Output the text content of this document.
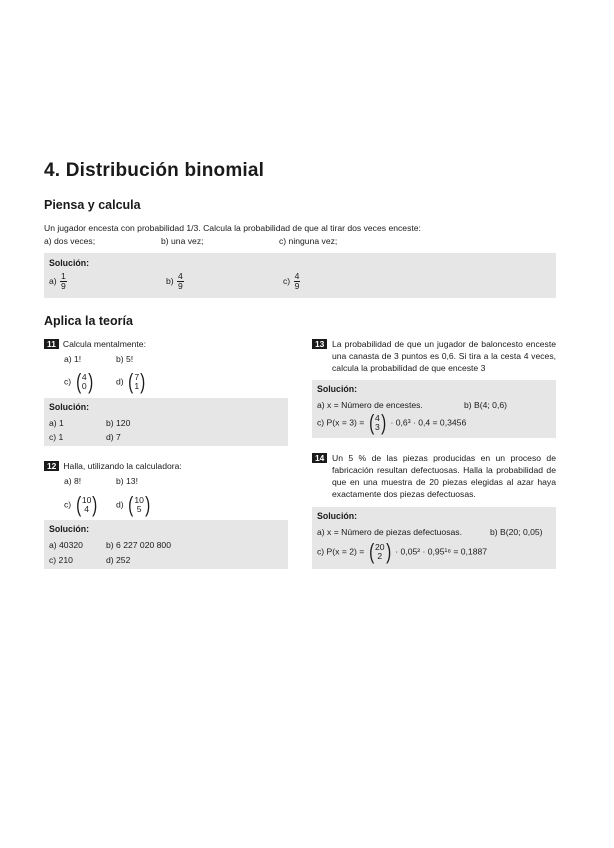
4. Distribución binomial
Piensa y calcula
Un jugador encesta con probabilidad 1/3. Calcula la probabilidad de que al tirar dos veces enceste:
a) dos veces;	b) una vez;	c) ninguna vez;
Solución:
$a) \frac{1}{9}$	$b) \frac{4}{9}$	$c) \frac{4}{9}$
Aplica la teoría
11 Calcula mentalmente:
a) 1!	b) 5!
c) ( 4
0 )	d) ( 7
1 )
Solución:
a) 1	b) 120
c) 1	d) 7
12 Halla, utilizando la calculadora:
a) 8!	b) 13!
c) ( 10
4 ) d) ( 10
5 )
Solución:
a) 40320	b) 6 227 020 800
c) 210	d) 252
13 La probabilidad de que un jugador de baloncesto enceste una canasta de 3 puntos es 0,6. Si tira a la cesta 4 veces, calcula la probabilidad de que enceste 3
Solución:
a) x = Número de encestes.	b) B(4; 0,6)
c) P(x = 3) = ( 4
3 ) · 0,6³ · 0,4 = 0,3456
14 Un 5 % de las piezas producidas en un proceso de fabricación resultan defectuosas. Halla la probabilidad de que en una muestra de 20 piezas elegidas al azar haya exactamente dos piezas defectuosas.
Solución:
a) x = Número de piezas defectuosas.	b) B(20; 0,05)
c) P(x = 2) = ( 20
2 ) · 0,05² · 0,95¹⁸ = 0,1887
